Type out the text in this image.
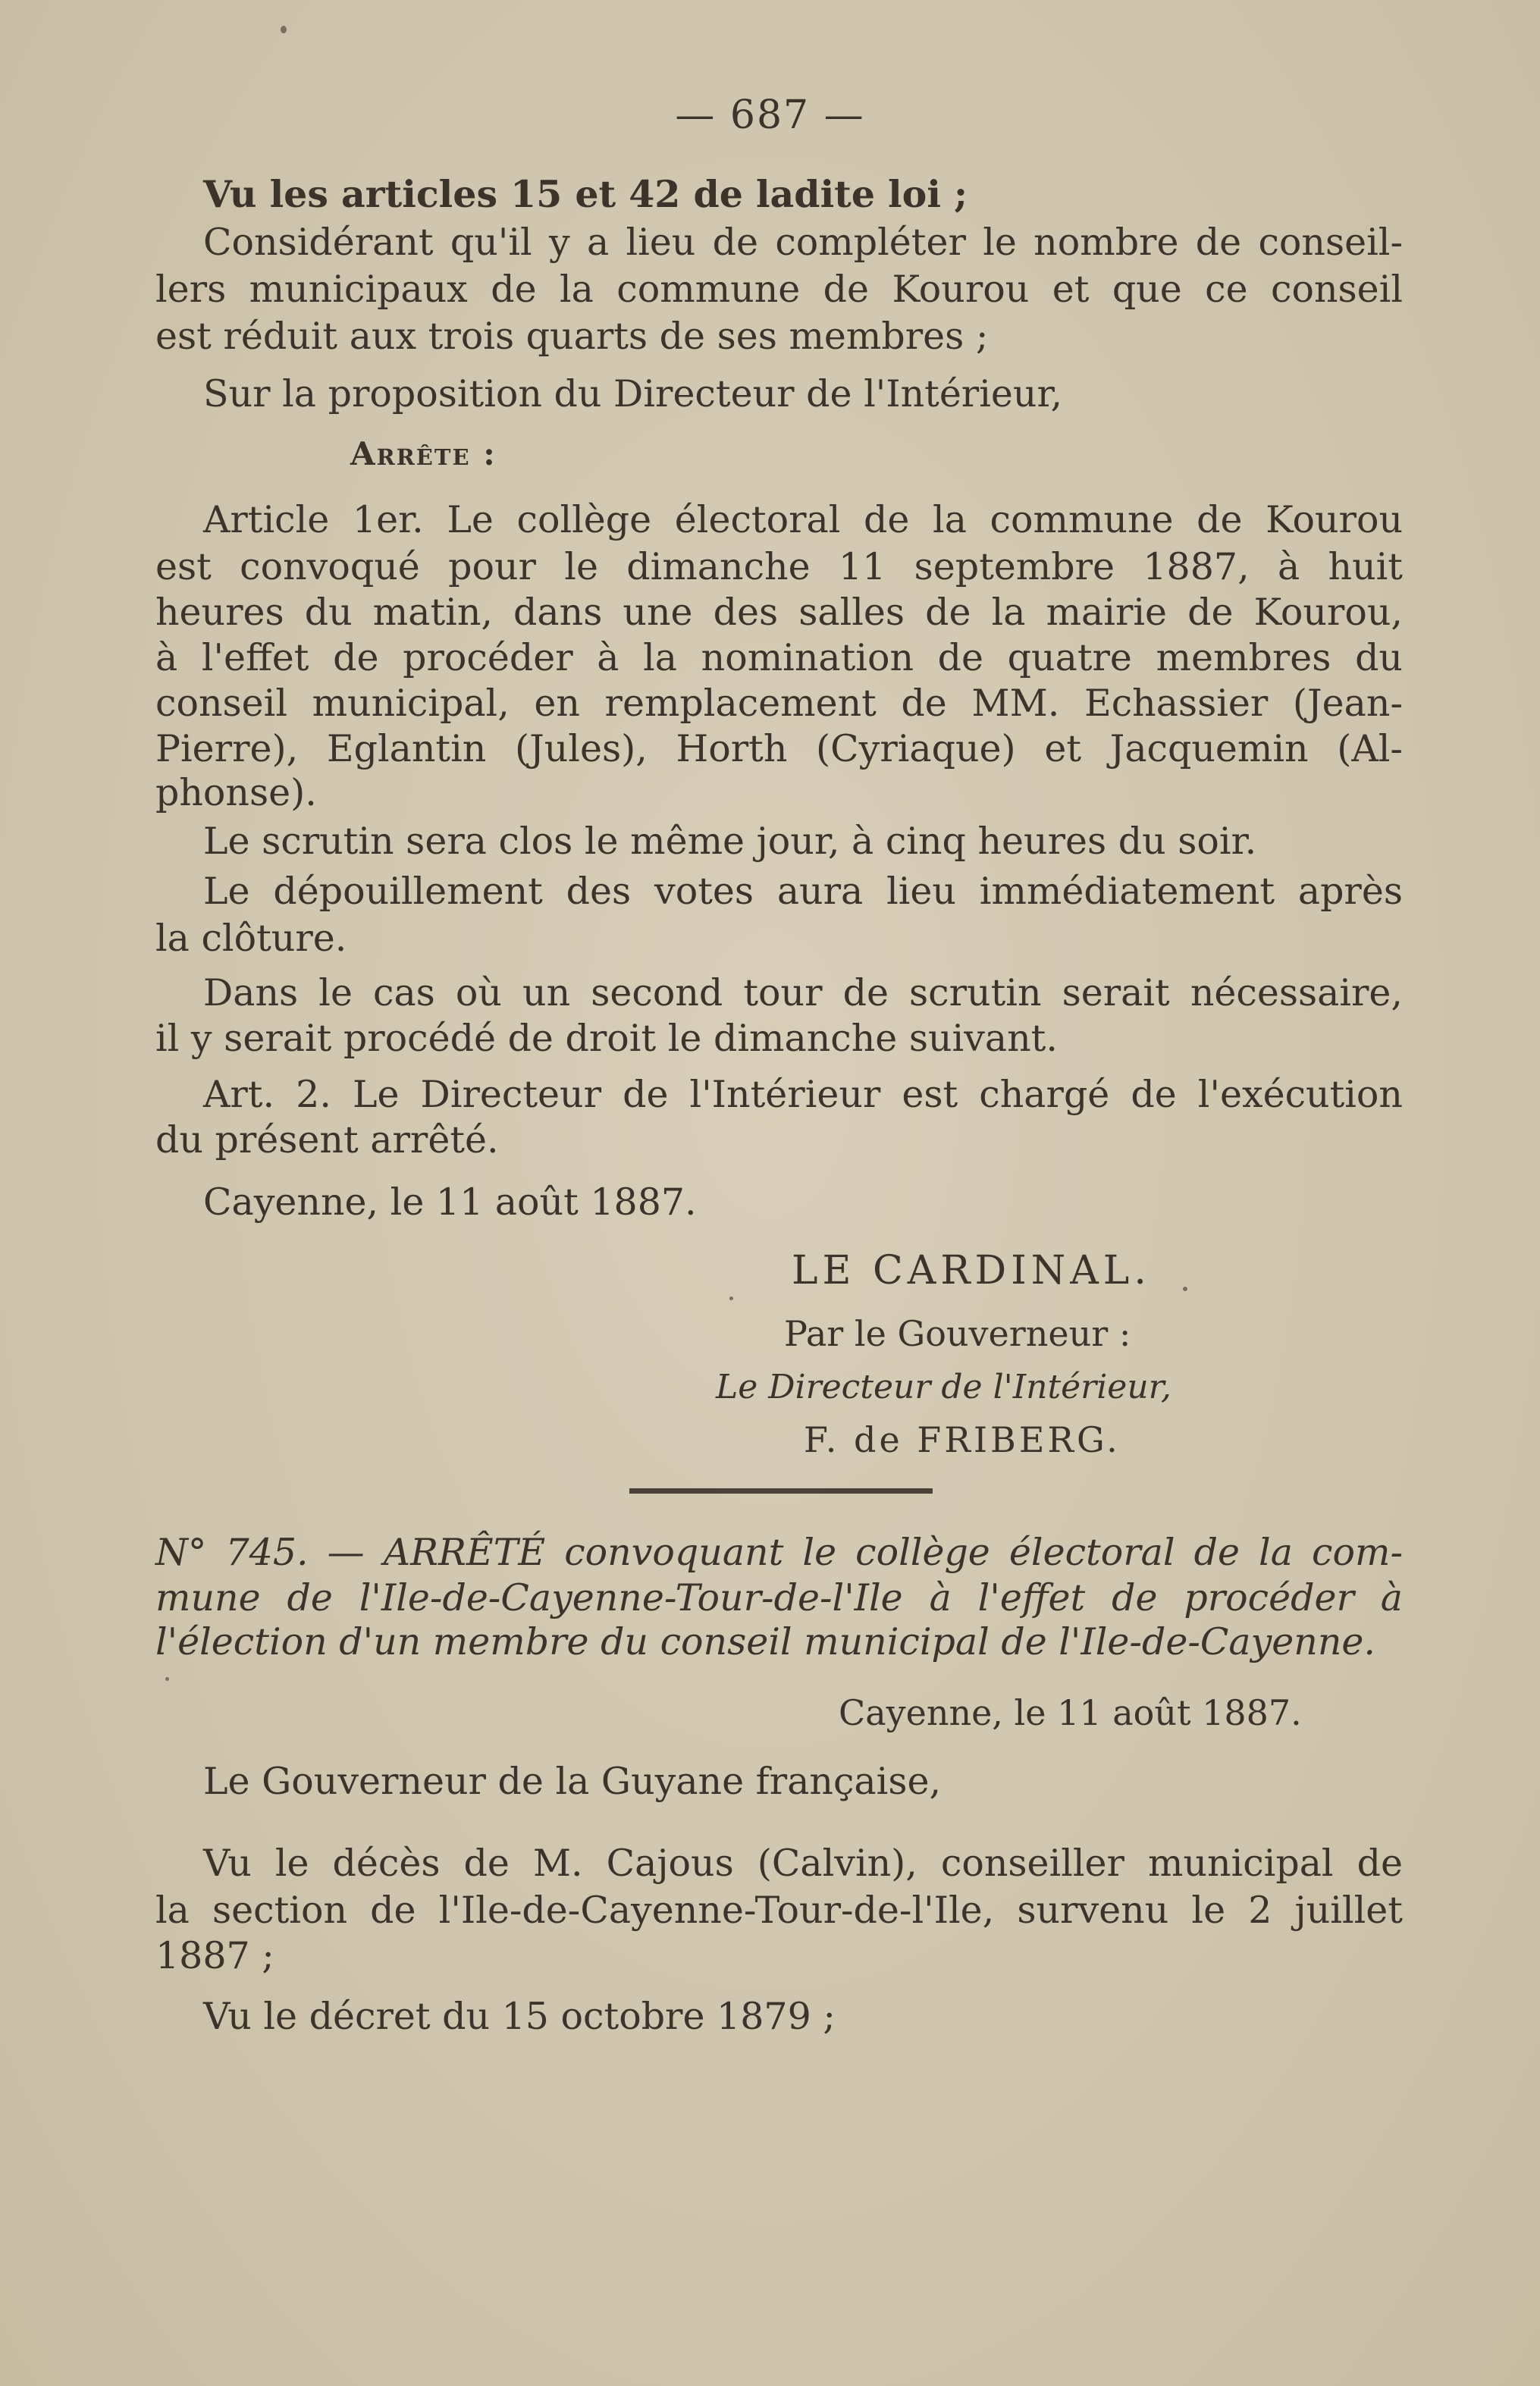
— 687 —
Vu les articles 15 et 42 de ladite loi ;
Considérant qu'il y a lieu de compléter le nombre de conseil-
lers municipaux de la commune de Kourou et que ce conseil
est réduit aux trois quarts de ses membres ;
Sur la proposition du Directeur de l'Intérieur,
Arrête :
Article 1er. Le collège électoral de la commune de Kourou
est convoqué pour le dimanche 11 septembre 1887, à huit
heures du matin, dans une des salles de la mairie de Kourou,
à l'effet de procéder à la nomination de quatre membres du
conseil municipal, en remplacement de MM. Echassier (Jean-
Pierre), Eglantin (Jules), Horth (Cyriaque) et Jacquemin (Al-
phonse).
Le scrutin sera clos le même jour, à cinq heures du soir.
Le dépouillement des votes aura lieu immédiatement après
la clôture.
Dans le cas où un second tour de scrutin serait nécessaire,
il y serait procédé de droit le dimanche suivant.
Art. 2. Le Directeur de l'Intérieur est chargé de l'exécution
du présent arrêté.
Cayenne, le 11 août 1887.
LE CARDINAL.
Par le Gouverneur :
Le Directeur de l'Intérieur,
F. de FRIBERG.
N° 745. — ARRÊTÉ convoquant le collège électoral de la com-
mune de l'Ile-de-Cayenne-Tour-de-l'Ile à l'effet de procéder à
l'élection d'un membre du conseil municipal de l'Ile-de-Cayenne.
Cayenne, le 11 août 1887.
Le Gouverneur de la Guyane française,
Vu le décès de M. Cajous (Calvin), conseiller municipal de
la section de l'Ile-de-Cayenne-Tour-de-l'Ile, survenu le 2 juillet
1887 ;
Vu le décret du 15 octobre 1879 ;
